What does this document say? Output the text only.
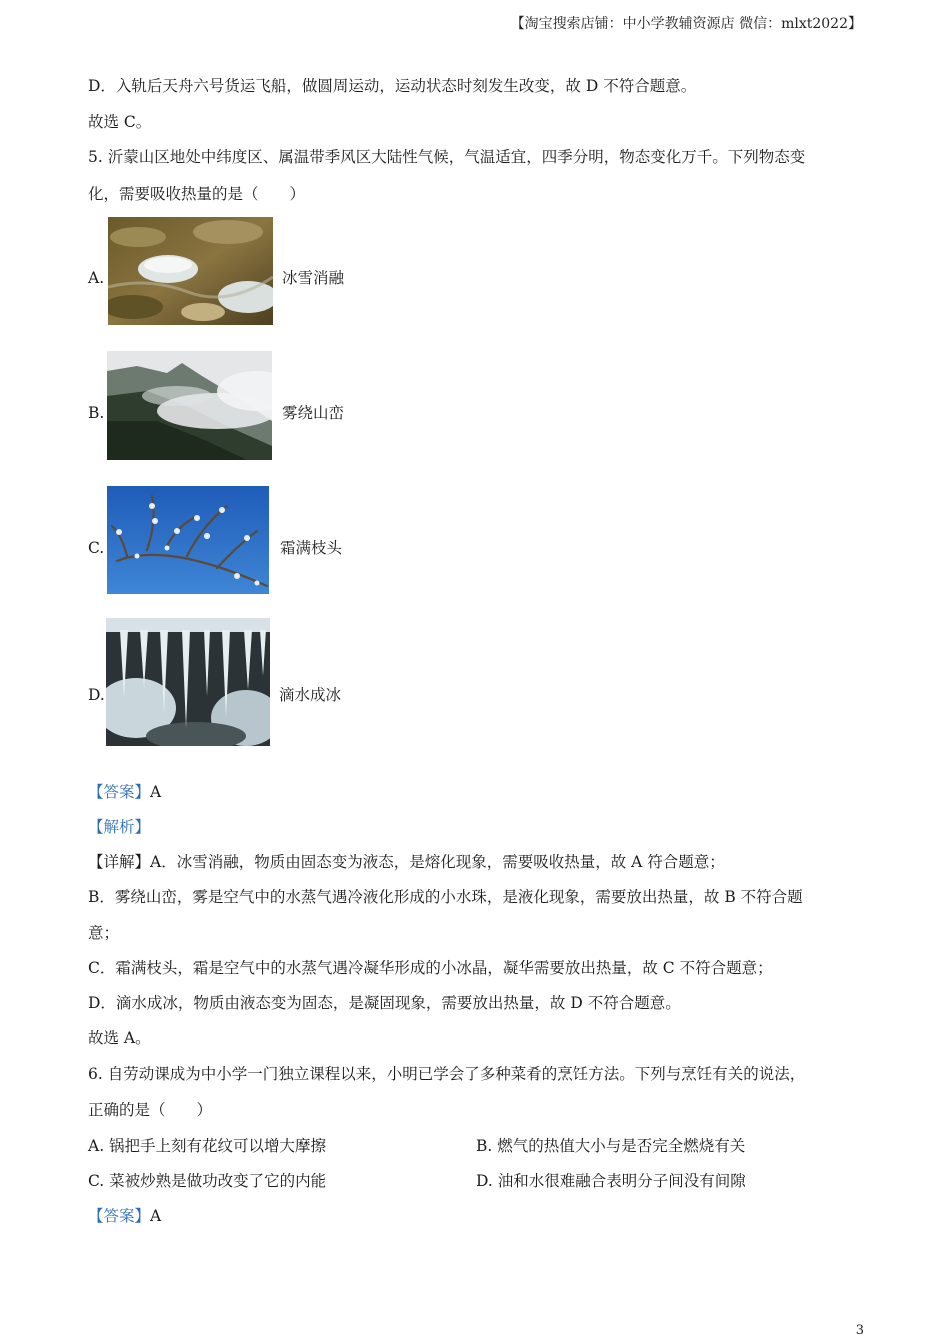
【淘宝搜索店铺：中小学教辅资源店 微信：mlxt2022】
D．入轨后天舟六号货运飞船，做圆周运动，运动状态时刻发生改变，故 D 不符合题意。
故选 C。
5. 沂蒙山区地处中纬度区、属温带季风区大陆性气候，气温适宜，四季分明，物态变化万千。下列物态变
化，需要吸收热量的是（　　）
A.	冰雪消融
B.	雾绕山峦
C.	霜满枝头
D.	滴水成冰
【答案】A
【解析】
【详解】A．冰雪消融，物质由固态变为液态，是熔化现象，需要吸收热量，故 A 符合题意；
B．雾绕山峦，雾是空气中的水蒸气遇冷液化形成的小水珠，是液化现象，需要放出热量，故 B 不符合题
意；
C．霜满枝头，霜是空气中的水蒸气遇冷凝华形成的小冰晶，凝华需要放出热量，故 C 不符合题意；
D．滴水成冰，物质由液态变为固态，是凝固现象，需要放出热量，故 D 不符合题意。
故选 A。
6. 自劳动课成为中小学一门独立课程以来，小明已学会了多种菜肴的烹饪方法。下列与烹饪有关的说法，
正确的是（　　）
A. 锅把手上刻有花纹可以增大摩擦	B. 燃气的热值大小与是否完全燃烧有关
C. 菜被炒熟是做功改变了它的内能	D. 油和水很难融合表明分子间没有间隙
【答案】A
3
